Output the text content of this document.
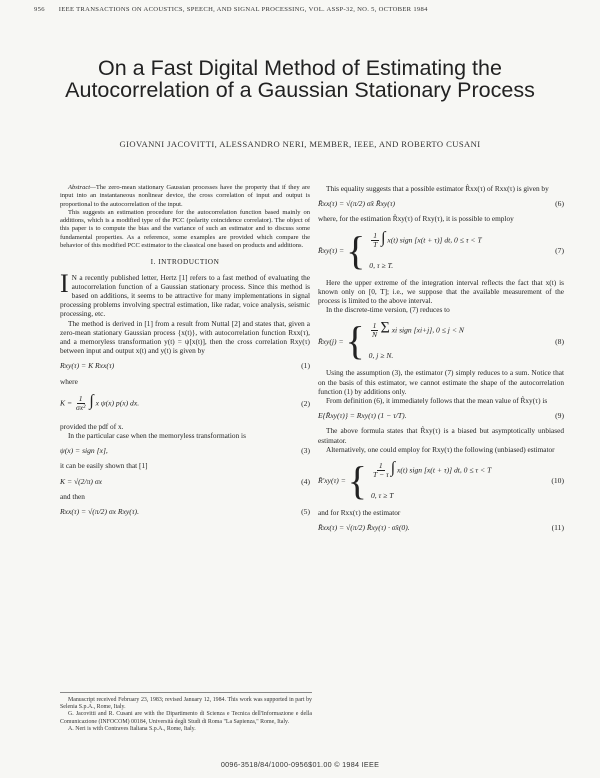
956 IEEE TRANSACTIONS ON ACOUSTICS, SPEECH, AND SIGNAL PROCESSING, VOL. ASSP-32, NO. 5, OCTOBER 1984
On a Fast Digital Method of Estimating the Autocorrelation of a Gaussian Stationary Process
GIOVANNI JACOVITTI, ALESSANDRO NERI, MEMBER, IEEE, AND ROBERTO CUSANI

Abstract—The zero-mean stationary Gaussian processes have the property that if they are input into an instantaneous nonlinear device, the cross correlation of input and output is proportional to the autocorrelation of the input.

This suggests an estimation procedure for the autocorrelation function based mainly on additions, which is a modified type of the PCC (polarity coincidence correlator). The object of this paper is to compute the bias and the variance of such an estimator and to discuss some fundamental properties. As a reference, some examples are provided which compare the behavior of this modified PCC estimator to the classical one based on products and additions.

I. INTRODUCTION

I N a recently published letter, Hertz [1] refers to a fast method of evaluating the autocorrelation function of a Gaussian stationary process. Since this method is based on additions, it seems to be attractive for many implementations in signal processing problems involving spectral estimation, like radar, voice analysis, seismic processing, etc.

The method is derived in [1] from a result from Nuttal [2] and states that, given a zero-mean stationary Gaussian process {x(t)}, with autocorrelation function Rxx(τ), and a memoryless transformation y(t) = ψ[x(t)], then the cross correlation Rxy(τ) between input and output x(t) and y(t) is given by

Rxy(τ) = K Rxx(τ)	(1)

where

$K = \frac{1}{\text{σx²}}$ ∫ x ψ(x) p(x) dx.	(2)

provided the pdf of x.

In the particular case when the memoryless transformation is

ψ(x) = sign [x],	(3)

it can be easily shown that [1]

K = √(2/π) σx	(4)

and then

Rxx(τ) = √(π/2) σx Rxy(τ).	(5)

This equality suggests that a possible estimator R̂xx(τ) of Rxx(τ) is given by

R̂xx(τ) = √(π/2) σ̂x R̂xy(τ)	(6)

where, for the estimation R̂xy(τ) of Rxy(τ), it is possible to employ

R̂xy(τ) = { $\frac{1}{T}$ ∫ x(t) sign [x(t + τ)] dt, 0 ≤ τ < T
0, τ ≥ T.
(7)

Here the upper extreme of the integration interval reflects the fact that x(t) is known only on [0, T]; i.e., we suppose that the available measurement of the process is limited to the above interval.

In the discrete-time version, (7) reduces to

R̂xy(j) = { $\frac{1}{N}$ Σ xi sign [xi+j], 0 ≤ j < N
0, j ≥ N.
(8)

Using the assumption (3), the estimator (7) simply reduces to a sum. Notice that on the basis of this estimator, we cannot estimate the shape of the autocorrelation function (1) by additions only.

From definition (6), it immediately follows that the mean value of R̂xy(τ) is

E{R̂xy(τ)} = Rxy(τ) (1 − τ/T).	(9)

The above formula states that R̂xy(τ) is a biased but asymptotically unbiased estimator.

Alternatively, one could employ for Rxy(τ) the following (unbiased) estimator

R̂′xy(τ) = { $\frac{1}{T - \tau}$ ∫ x(t) sign [x(t + τ)] dt, 0 ≤ τ < T
0, τ ≥ T
(10)

and for Rxx(τ) the estimator

R̂xx(τ) = √(π/2) R̂xy(τ) · σ̂x(0).	(11)

Manuscript received February 23, 1983; revised January 12, 1984. This work was supported in part by Selenia S.p.A., Rome, Italy.

G. Jacovitti and R. Cusani are with the Dipartimento di Scienza e Tecnica dell'Informazione e della Comunicazione (INFOCOM) 00184, Università degli Studi di Roma "La Sapienza," Rome, Italy.

A. Neri is with Contraves Italiana S.p.A., Rome, Italy.

0096-3518/84/1000-0956$01.00 © 1984 IEEE
